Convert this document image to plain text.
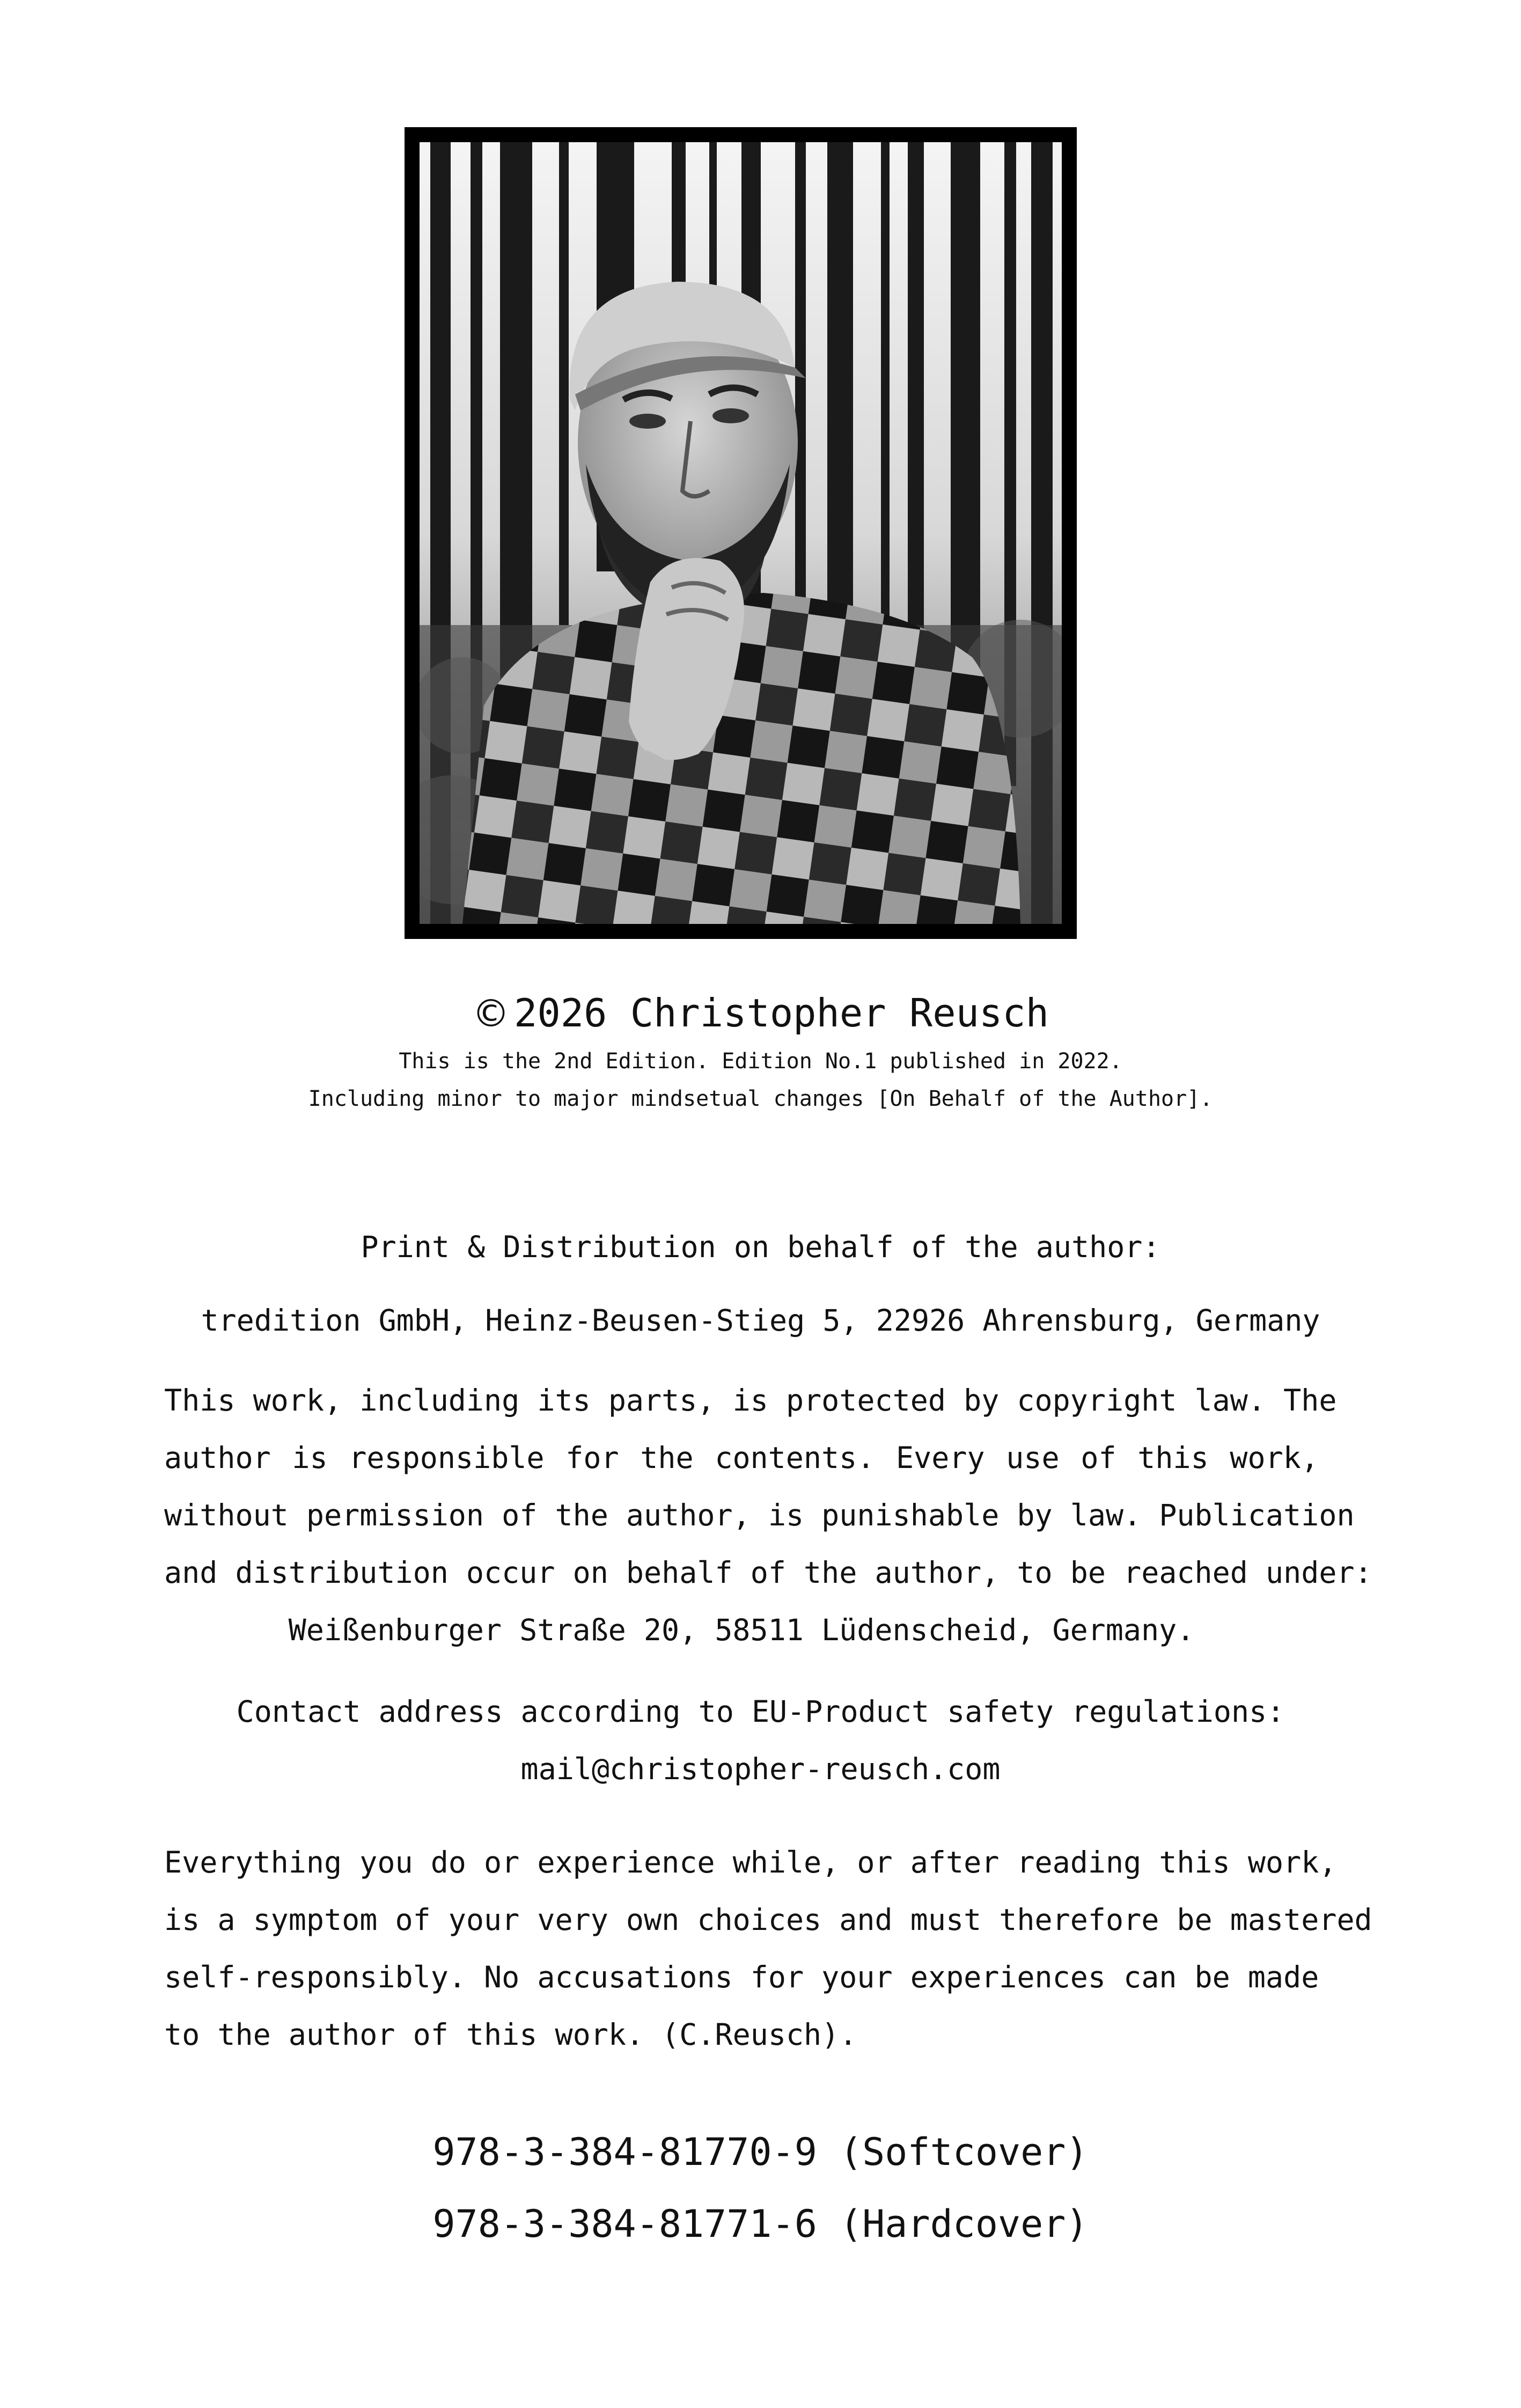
© 2026 Christopher Reusch
This is the 2nd Edition. Edition No.1 published in 2022.
Including minor to major mindsetual changes [On Behalf of the Author].
Print & Distribution on behalf of the author:
tredition GmbH, Heinz-Beusen-Stieg 5, 22926 Ahrensburg, Germany
This work, including its parts, is protected by copyright law. The
author is responsible for the contents. Every use of this work,
without permission of the author, is punishable by law. Publication
and distribution occur on behalf of the author, to be reached under:
Weißenburger Straße 20, 58511 Lüdenscheid, Germany.
Contact address according to EU-Product safety regulations:
mail@christopher-reusch.com
Everything you do or experience while, or after reading this work,
is a symptom of your very own choices and must therefore be mastered
self-responsibly. No accusations for your experiences can be made
to the author of this work. (C.Reusch).
978-3-384-81770-9 (Softcover)
978-3-384-81771-6 (Hardcover)
